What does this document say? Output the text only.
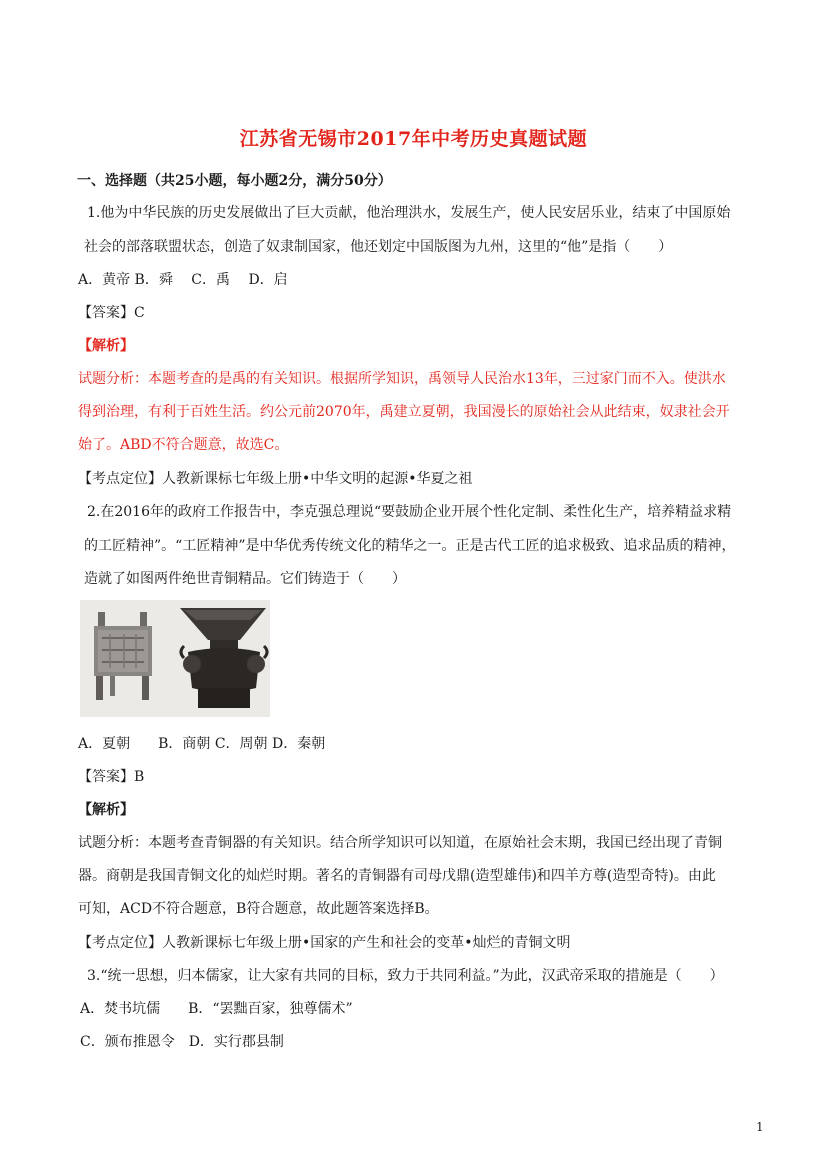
江苏省无锡市2017年中考历史真题试题
一、选择题（共25小题，每小题2分，满分50分）
1.他为中华民族的历史发展做出了巨大贡献，他治理洪水，发展生产，使人民安居乐业，结束了中国原始
社会的部落联盟状态，创造了奴隶制国家，他还划定中国版图为九州，这里的“他”是指（　　）
A．黄帝 B．舜　 C．禹　 D．启
【答案】C
【解析】
试题分析：本题考查的是禹的有关知识。根据所学知识，禹领导人民治水13年，三过家门而不入。使洪水
得到治理，有利于百姓生活。约公元前2070年，禹建立夏朝，我国漫长的原始社会从此结束，奴隶社会开
始了。ABD不符合题意，故选C。
【考点定位】人教新课标七年级上册•中华文明的起源•华夏之祖
2.在2016年的政府工作报告中，李克强总理说“要鼓励企业开展个性化定制、柔性化生产，培养精益求精
的工匠精神”。“工匠精神”是中华优秀传统文化的精华之一。正是古代工匠的追求极致、追求品质的精神，
造就了如图两件绝世青铜精品。它们铸造于（　　）
A．夏朝　　B．商朝 C．周朝 D．秦朝
【答案】B
【解析】
试题分析：本题考查青铜器的有关知识。结合所学知识可以知道，在原始社会末期，我国已经出现了青铜
器。商朝是我国青铜文化的灿烂时期。著名的青铜器有司母戊鼎(造型雄伟)和四羊方尊(造型奇特)。由此
可知，ACD不符合题意，B符合题意，故此题答案选择B。
【考点定位】人教新课标七年级上册•国家的产生和社会的变革•灿烂的青铜文明
3.“统一思想，归本儒家，让大家有共同的目标，致力于共同利益。”为此，汉武帝采取的措施是（　　）
A．焚书坑儒　　B．“罢黜百家，独尊儒术”
C．颁布推恩令　D．实行郡县制
1
